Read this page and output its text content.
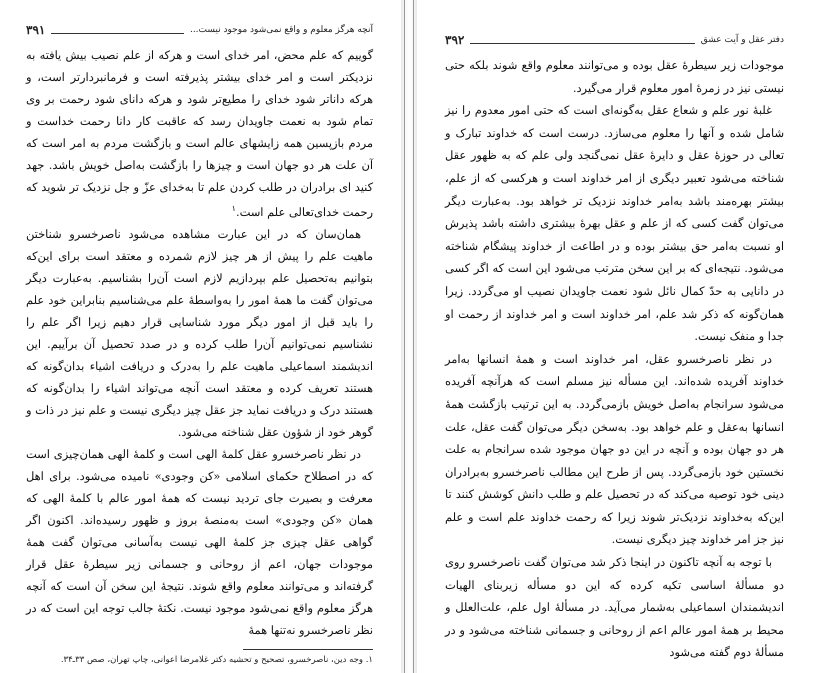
آنچه هرگز معلوم و واقع نمی‌شود موجود نیست...
۳۹۱

گوییم که علم محض، امر خدای است و هرکه از علم نصیب بیش یافته به نزدیکتر است و امر خدای بیشتر پذیرفته است و فرمانبردارتر است، و هرکه داناتر شود خدای را مطیع‌تر شود و هرکه دانای شود رحمت بر وی تمام شود به نعمت جاویدان رسد که عاقبت کار دانا رحمت خداست و مردم بازپسین همه زایشهای عالم است و بازگشت مردم به امر است که آن علت هر دو جهان است و چیزها را بازگشت به‌اصل خویش باشد. جهد کنید ای برادران در طلب کردن علم تا به‌خدای عزّ و جل نزدیک تر شوید که رحمت خدای‌تعالی علم است.$^۱$

همان‌سان که در این عبارت مشاهده می‌شود ناصرخسرو شناختن ماهیت علم را پیش از هر چیز لازم شمرده و معتقد است برای این‌که بتوانیم به‌تحصیل علم بپردازیم لازم است آن‌را بشناسیم. به‌عبارت دیگر می‌توان گفت ما همهٔ امور را به‌واسطهٔ علم می‌شناسیم بنابراین خود علم را باید قبل از امور دیگر مورد شناسایی قرار دهیم زیرا اگر علم را نشناسیم نمی‌توانیم آن‌را طلب کرده و در صدد تحصیل آن برآییم. این اندیشمند اسماعیلی ماهیت علم را به‌درک و دریافت اشیاء بدان‌گونه که هستند تعریف کرده و معتقد است آنچه می‌تواند اشیاء را بدان‌گونه که هستند درک و دریافت نماید جز عقل چیز دیگری نیست و علم نیز در ذات و گوهر خود از شؤون عقل شناخته می‌شود.

در نظر ناصرخسرو عقل کلمهٔ الهی است و کلمهٔ الهی همان‌چیزی است که در اصطلاح حکمای اسلامی «کن وجودی» نامیده می‌شود. برای اهل معرفت و بصیرت جای تردید نیست که همهٔ امور عالم با کلمهٔ الهی که همان «کن وجودی» است به‌منصهٔ بروز و ظهور رسیده‌اند. اکنون اگر گواهی عقل چیزی جز کلمهٔ الهی نیست به‌آسانی می‌توان گفت همهٔ موجودات جهان، اعم از روحانی و جسمانی زیر سیطرهٔ عقل قرار گرفته‌اند و می‌توانند معلوم واقع شوند. نتیجهٔ این سخن آن است که آنچه هرگز معلوم واقع نمی‌شود موجود نیست. نکتهٔ جالب توجه این است که در نظر ناصرخسرو نه‌تنها همهٔ

۱. وجه دین، ناصرخسرو، تصحیح و تحشیه دکتر غلامرضا اعوانی، چاپ تهران، صص ۳۳ـ۳۴.

دفتر عقل و آیت عشق
۳۹۲

موجودات زیر سیطرهٔ عقل بوده و می‌توانند معلوم واقع شوند بلکه حتی نیستی نیز در زمرهٔ امور معلوم قرار می‌گیرد.

غلبهٔ نور علم و شعاع عقل به‌گونه‌ای است که حتی امور معدوم را نیز شامل شده و آنها را معلوم می‌سازد. درست است که خداوند تبارک و تعالی در حوزهٔ عقل و دایرهٔ عقل نمی‌گنجد ولی علم که به ظهور عقل شناخته می‌شود تعبیر دیگری از امر خداوند است و هرکسی که از علم، بیشتر بهره‌مند باشد به‌امر خداوند نزدیک تر خواهد بود. به‌عبارت دیگر می‌توان گفت کسی که از علم و عقل بهرهٔ بیشتری داشته باشد پذیرش او نسبت به‌امر حق بیشتر بوده و در اطاعت از خداوند پیشگام شناخته می‌شود. نتیجه‌ای که بر این سخن مترتب می‌شود این است که اگر کسی در دانایی به حدّ کمال نائل شود نعمت جاویدان نصیب او می‌گردد. زیرا همان‌گونه که ذکر شد علم، امر خداوند است و امر خداوند از رحمت او جدا و منفک نیست.

در نظر ناصرخسرو عقل، امر خداوند است و همهٔ انسانها به‌امر خداوند آفریده شده‌اند. این مسأله نیز مسلم است که هرآنچه آفریده می‌شود سرانجام به‌اصل خویش بازمی‌گردد. به این ترتیب بازگشت همهٔ انسانها به‌عقل و علم خواهد بود. به‌سخن دیگر می‌توان گفت عقل، علت هر دو جهان بوده و آنچه در این دو جهان موجود شده سرانجام به علت نخستین خود بازمی‌گردد. پس از طرح این مطالب ناصرخسرو به‌برادران دینی خود توصیه می‌کند که در تحصیل علم و طلب دانش کوشش کنند تا این‌که به‌خداوند نزدیک‌تر شوند زیرا که رحمت خداوند علم است و علم نیز جز امر خداوند چیز دیگری نیست.

با توجه به آنچه تاکنون در اینجا ذکر شد می‌توان گفت ناصرخسرو روی دو مسألهٔ اساسی تکیه کرده که این دو مسأله زیربنای الهیات اندیشمندان اسماعیلی به‌شمار می‌آید. در مسألهٔ اول علم، علت‌العلل و محیط بر همهٔ امور عالم اعم از روحانی و جسمانی شناخته می‌شود و در مسألهٔ دوم گفته می‌شود
